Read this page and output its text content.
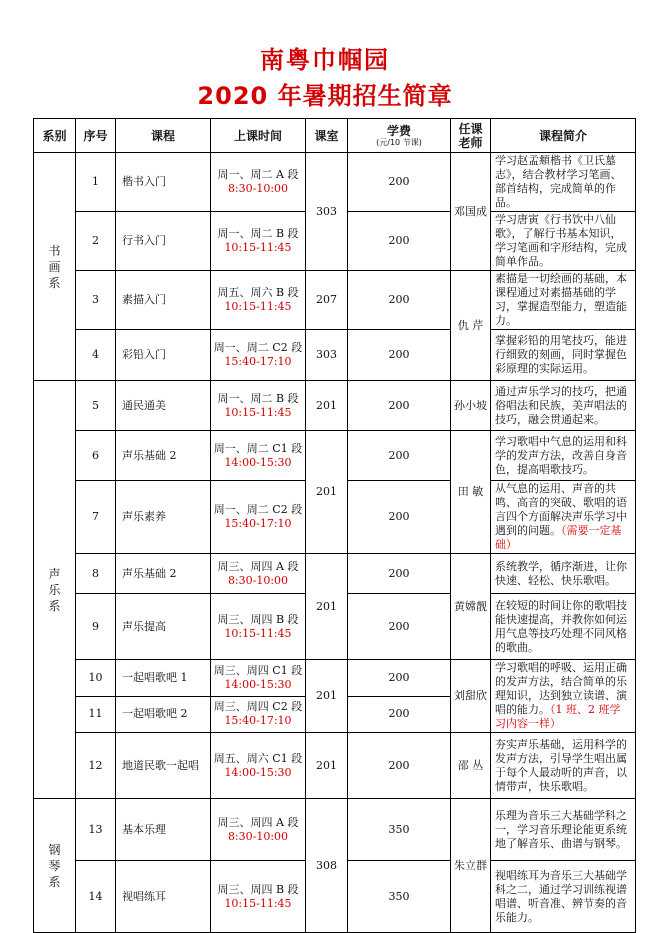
南粤巾帼园
2020 年暑期招生简章
系别	序号	课程	上课时间	课室	学费
(元/10 节课)	任课老师	课程简介
书画系	1	楷书入门	周一、周二 A 段
8:30-10:00	303	200	邓国成	学习赵孟頫楷书《卫氏墓志》，结合教材学习笔画、部首结构，完成简单的作品。
	2	行书入门	周一、周二 B 段
10:15-11:45		200		学习唐寅《行书饮中八仙歌》，了解行书基本知识，学习笔画和字形结构，完成简单作品。
	3	素描入门	周五、周六 B 段
10:15-11:45	207	200	仇 芹	素描是一切绘画的基础，本课程通过对素描基础的学习，掌握造型能力，塑造能力。
	4	彩铅入门	周一、周二 C2 段
15:40-17:10	303	200		掌握彩铅的用笔技巧，能进行细致的刻画，同时掌握色彩原理的实际运用。
声乐系	5	通民通美	周一、周二 B 段
10:15-11:45	201	200	孙小坡	通过声乐学习的技巧，把通俗唱法和民族，美声唱法的技巧，融会贯通起来。
	6	声乐基础 2	周一、周二 C1 段
14:00-15:30	201	200	田 敏	学习歌唱中气息的运用和科学的发声方法，改善自身音色，提高唱歌技巧。
	7	声乐素养	周一、周二 C2 段
15:40-17:10		200		从气息的运用、声音的共鸣、高音的突破、歌唱的语言四个方面解决声乐学习中遇到的问题。（需要一定基础）
	8	声乐基础 2	周三、周四 A 段
8:30-10:00	201	200	黄嫦靓	系统教学，循序渐进，让你快速、轻松、快乐歌唱。
	9	声乐提高	周三、周四 B 段
10:15-11:45		200		在较短的时间让你的歌唱技能快速提高，并教你如何运用气息等技巧处理不同风格的歌曲。
	10	一起唱歌吧 1	周三、周四 C1 段
14:00-15:30	201	200	刘甜欣	学习歌唱的呼吸、运用正确的发声方法，结合简单的乐理知识，达到独立读谱、演唱的能力。（1 班、2 班学习内容一样）
	11	一起唱歌吧 2	周三、周四 C2 段
15:40-17:10		200		
	12	地道民歌一起唱	周五、周六 C1 段
14:00-15:30	201	200	邵 丛	夯实声乐基础，运用科学的发声方法，引导学生唱出属于每个人最动听的声音，以情带声，快乐歌唱。
钢琴系	13	基本乐理	周三、周四 A 段
8:30-10:00	308	350	朱立群	乐理为音乐三大基础学科之一，学习音乐理论能更系统地了解音乐、曲谱与钢琴。
	14	视唱练耳	周三、周四 B 段
10:15-11:45		350		视唱练耳为音乐三大基础学科之二，通过学习训练视谱唱谱、听音准、辨节奏的音乐能力。
